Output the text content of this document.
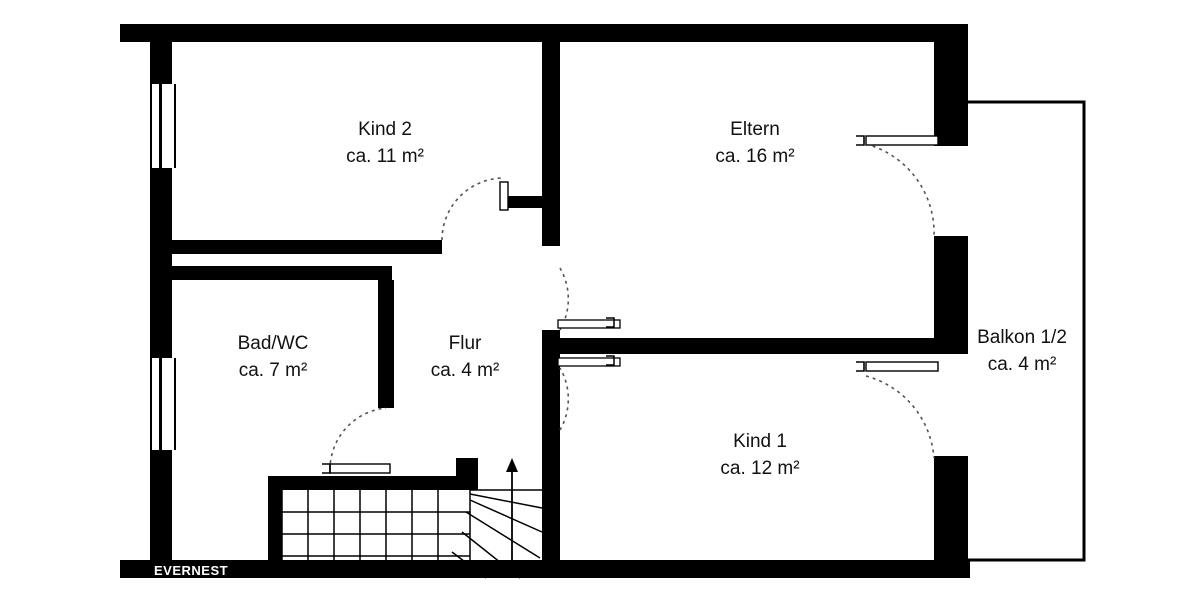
Kind 2
ca. 11 m²
Eltern
ca. 16 m²
Bad/WC
ca. 7 m²
Flur
ca. 4 m²
Balkon 1/2
ca. 4 m²
Kind 1
ca. 12 m²
EVERNEST
